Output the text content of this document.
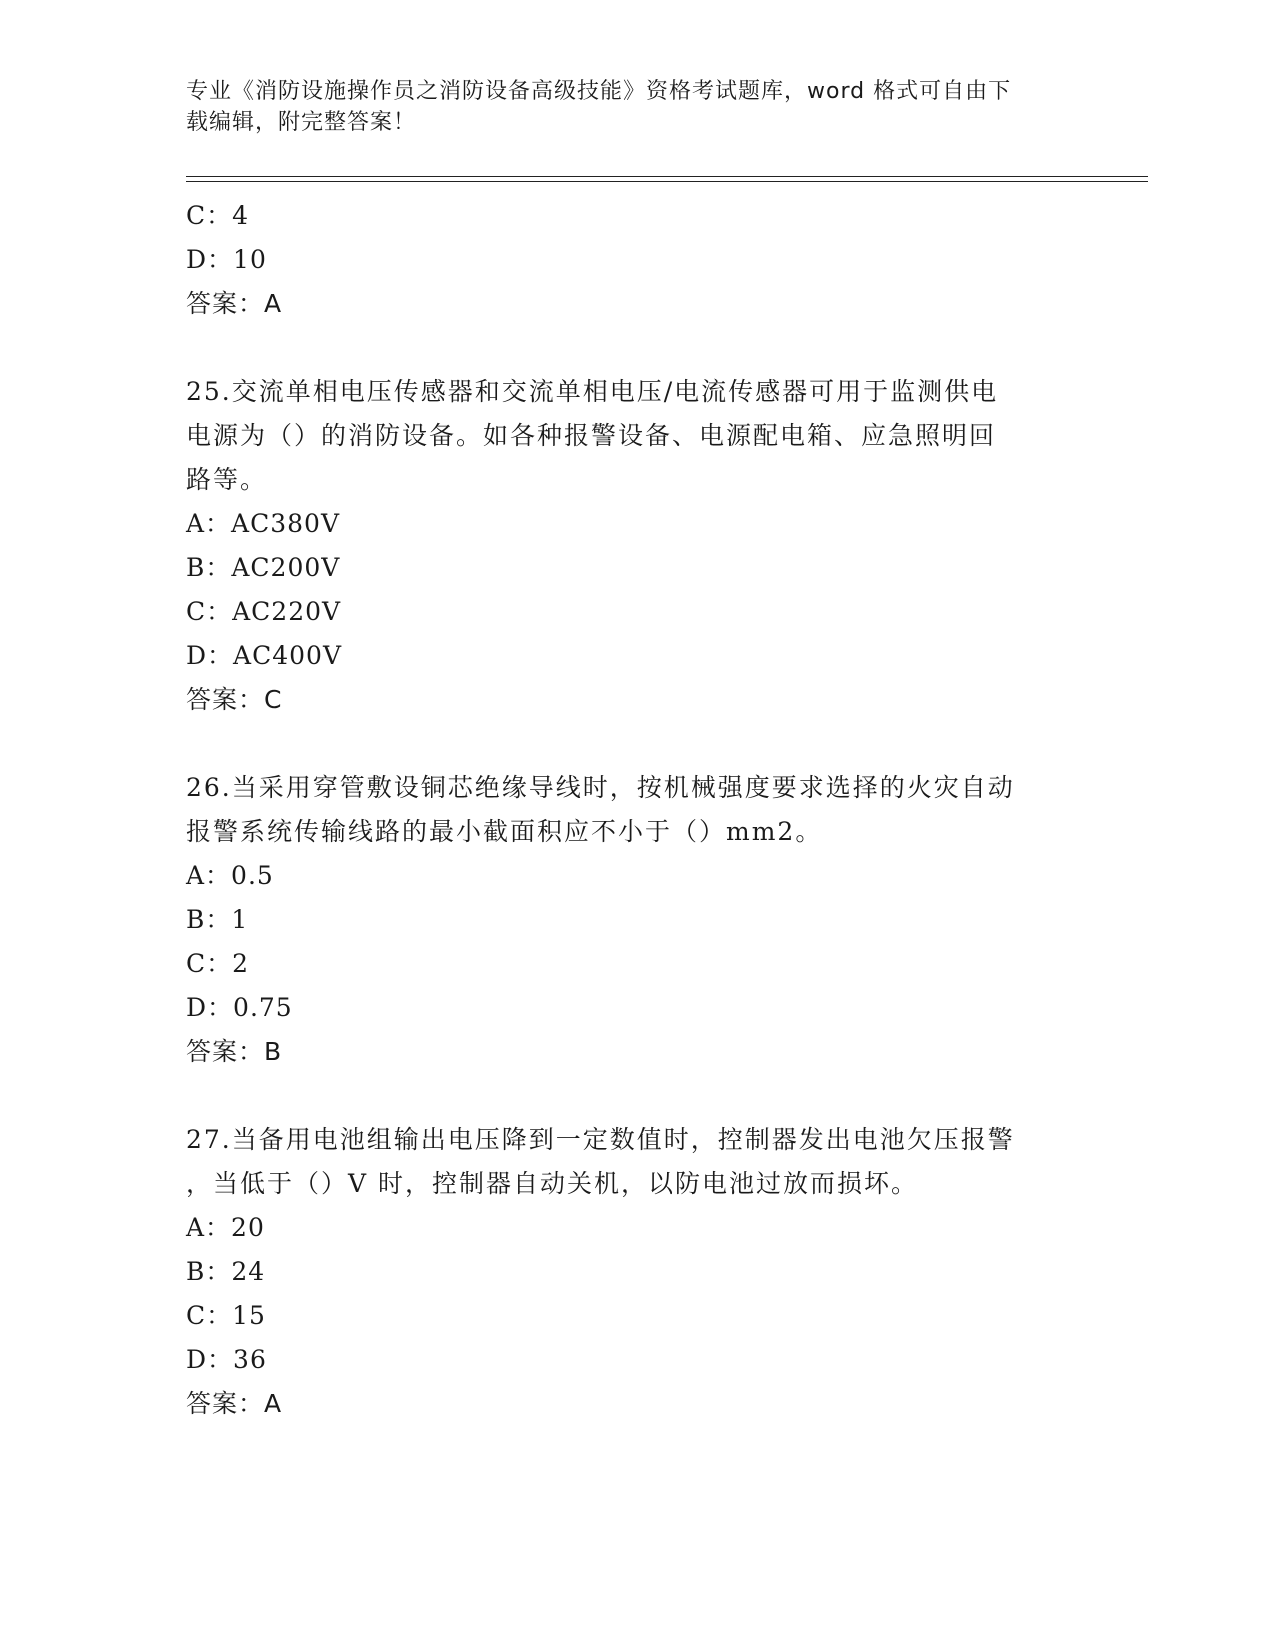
专业《消防设施操作员之消防设备高级技能》资格考试题库，word 格式可自由下
载编辑，附完整答案！
C：4
D：10
答案：A
25.交流单相电压传感器和交流单相电压/电流传感器可用于监测供电
电源为（）的消防设备。如各种报警设备、电源配电箱、应急照明回
路等。
A：AC380V
B：AC200V
C：AC220V
D：AC400V
答案：C
26.当采用穿管敷设铜芯绝缘导线时，按机械强度要求选择的火灾自动
报警系统传输线路的最小截面积应不小于（）mm2。
A：0.5
B：1
C：2
D：0.75
答案：B
27.当备用电池组输出电压降到一定数值时，控制器发出电池欠压报警
，当低于（）V 时，控制器自动关机，以防电池过放而损坏。
A：20
B：24
C：15
D：36
答案：A
